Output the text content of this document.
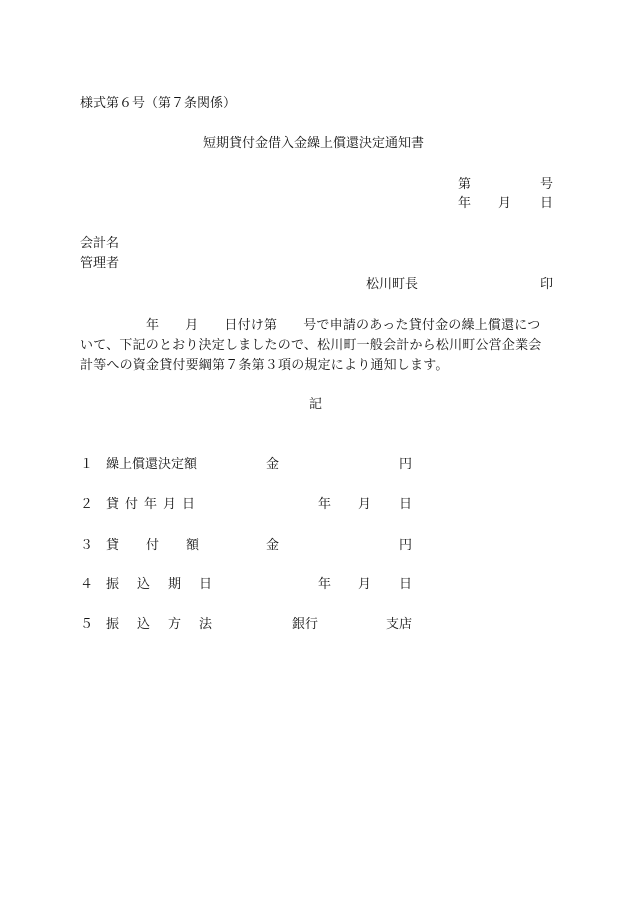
様式第６号（第７条関係）
短期貸付金借入金繰上償還決定通知書
第	号
年 月 日
会計名
管理者
松川町長	印
年 月 日付け第 号で申請のあった貸付金の繰上償還につ
いて、下記のとおり決定しましたので、松川町一般会計から松川町公営企業会
計等への資金貸付要綱第７条第３項の規定により通知します。
記
１ 繰上償還決定額	金	円
２ 貸付年月日	年 月 日
３ 貸付額	金	円
４ 振込期日	年 月 日
５ 振込方法	銀行	支店
